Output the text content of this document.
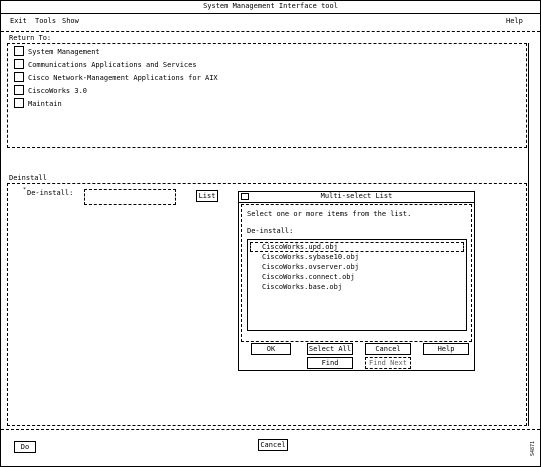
System Management Interface tool
Exit Tools Show	Help
Return To:
System Management
Communications Applications and Services
Cisco Network-Management Applications for AIX
CiscoWorks 3.0
Maintain
Deinstall
* De-install:	List	Multi-select List
Select one or more items from the list.
De-install:
CiscoWorks.upd.obj
CiscoWorks.sybase10.obj
CiscoWorks.ovserver.obj
CiscoWorks.connect.obj
CiscoWorks.base.obj
OK	Select All	Cancel	Help
Find	Find Next
S4871
Do	Cancel
